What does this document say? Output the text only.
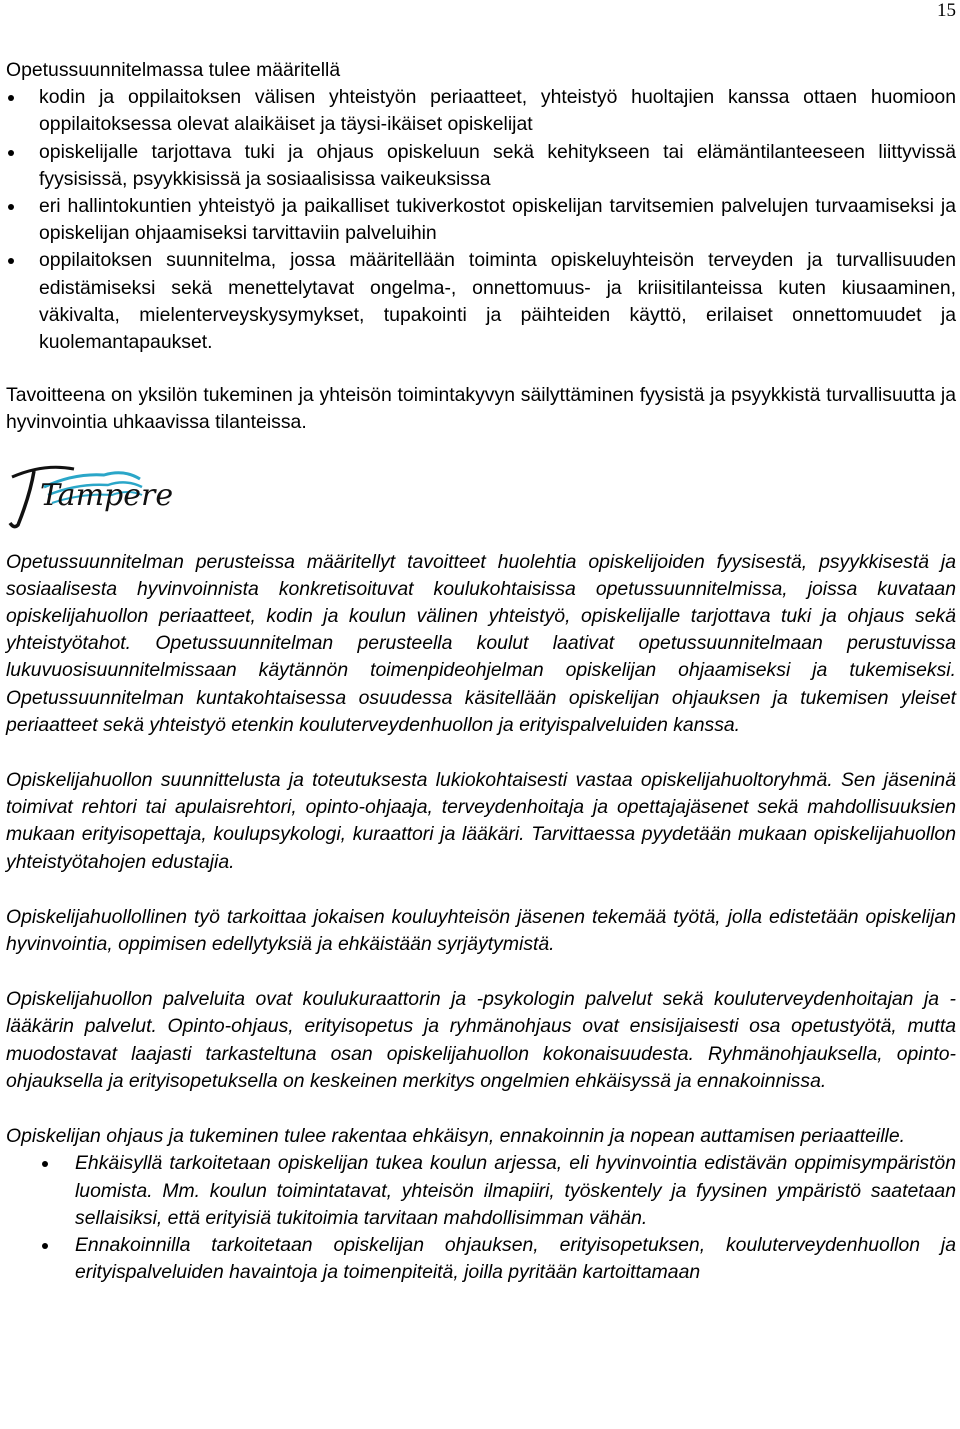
15

Opetussuunnitelmassa tulee määritellä

kodin ja oppilaitoksen välisen yhteistyön periaatteet, yhteistyö huoltajien kanssa ottaen huomioon oppilaitoksessa olevat alaikäiset ja täysi-ikäiset opiskelijat
opiskelijalle tarjottava tuki ja ohjaus opiskeluun sekä kehitykseen tai elämäntilanteeseen liittyvissä fyysisissä, psyykkisissä ja sosiaalisissa vaikeuksissa
eri hallintokuntien yhteistyö ja paikalliset tukiverkostot opiskelijan tarvitsemien palvelujen turvaamiseksi ja opiskelijan ohjaamiseksi tarvittaviin palveluihin
oppilaitoksen suunnitelma, jossa määritellään toiminta opiskeluyhteisön terveyden ja turvallisuuden edistämiseksi sekä menettelytavat ongelma-, onnettomuus- ja kriisitilanteissa kuten kiusaaminen, väkivalta, mielenterveyskysymykset, tupakointi ja päihteiden käyttö, erilaiset onnettomuudet ja kuolemantapaukset.

Tavoitteena on yksilön tukeminen ja yhteisön toimintakyvyn säilyttäminen fyysistä ja psyykkistä turvallisuutta ja hyvinvointia uhkaavissa tilanteissa.

Tampere

Opetussuunnitelman perusteissa määritellyt tavoitteet huolehtia opiskelijoiden fyysisestä, psyykkisestä ja sosiaalisesta hyvinvoinnista konkretisoituvat koulukohtaisissa opetussuunnitelmissa, joissa kuvataan opiskelijahuollon periaatteet, kodin ja koulun välinen yhteistyö, opiskelijalle tarjottava tuki ja ohjaus sekä yhteistyötahot. Opetussuunnitelman perusteella koulut laativat opetussuunnitelmaan perustuvissa lukuvuosisuunnitelmissaan käytännön toimenpideohjelman opiskelijan ohjaamiseksi ja tukemiseksi. Opetussuunnitelman kuntakohtaisessa osuudessa käsitellään opiskelijan ohjauksen ja tukemisen yleiset periaatteet sekä yhteistyö etenkin kouluterveydenhuollon ja erityispalveluiden kanssa.

Opiskelijahuollon suunnittelusta ja toteutuksesta lukiokohtaisesti vastaa opiskelijahuoltoryhmä. Sen jäseninä toimivat rehtori tai apulaisrehtori, opinto-ohjaaja, terveydenhoitaja ja opettajajäsenet sekä mahdollisuuksien mukaan erityisopettaja, koulupsykologi, kuraattori ja lääkäri. Tarvittaessa pyydetään mukaan opiskelijahuollon yhteistyötahojen edustajia.

Opiskelijahuollollinen työ tarkoittaa jokaisen kouluyhteisön jäsenen tekemää työtä, jolla edistetään opiskelijan hyvinvointia, oppimisen edellytyksiä ja ehkäistään syrjäytymistä.

Opiskelijahuollon palveluita ovat koulukuraattorin ja -psykologin palvelut sekä kouluterveydenhoitajan ja -lääkärin palvelut. Opinto-ohjaus, erityisopetus ja ryhmänohjaus ovat ensisijaisesti osa opetustyötä, mutta muodostavat laajasti tarkasteltuna osan opiskelijahuollon kokonaisuudesta. Ryhmänohjauksella, opinto-ohjauksella ja erityisopetuksella on keskeinen merkitys ongelmien ehkäisyssä ja ennakoinnissa.

Opiskelijan ohjaus ja tukeminen tulee rakentaa ehkäisyn, ennakoinnin ja nopean auttamisen periaatteille.

Ehkäisyllä tarkoitetaan opiskelijan tukea koulun arjessa, eli hyvinvointia edistävän oppimisympäristön luomista. Mm. koulun toimintatavat, yhteisön ilmapiiri, työskentely ja fyysinen ympäristö saatetaan sellaisiksi, että erityisiä tukitoimia tarvitaan mahdollisimman vähän.
Ennakoinnilla tarkoitetaan opiskelijan ohjauksen, erityisopetuksen, kouluterveydenhuollon ja erityispalveluiden havaintoja ja toimenpiteitä, joilla pyritään kartoittamaan
